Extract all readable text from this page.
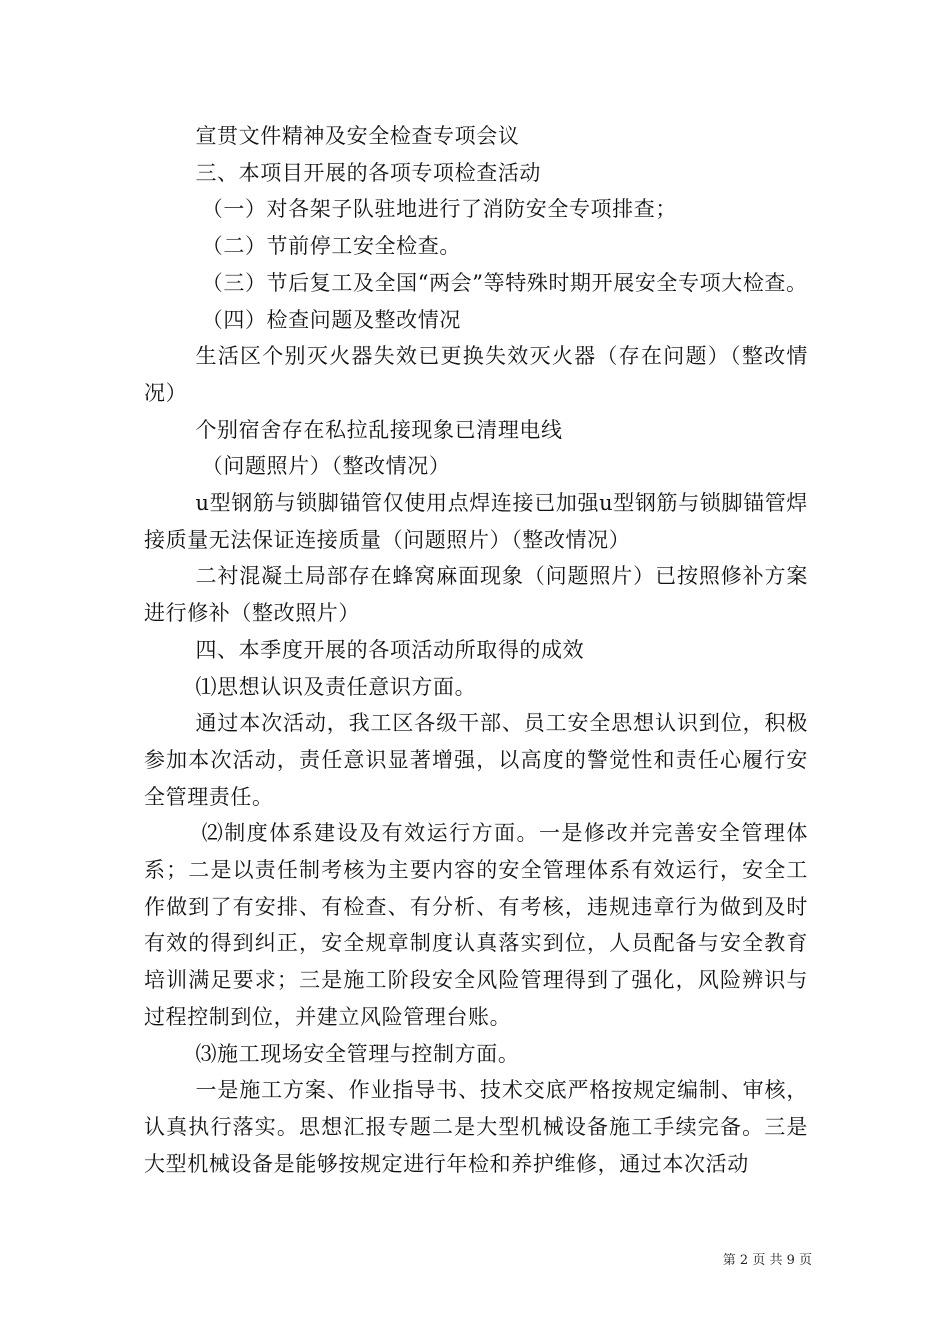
宣贯文件精神及安全检查专项会议

三、本项目开展的各项专项检查活动

（一）对各架子队驻地进行了消防安全专项排查；

（二）节前停工安全检查。

（三）节后复工及全国“两会”等特殊时期开展安全专项大检查。

（四）检查问题及整改情况

生活区个别灭火器失效已更换失效灭火器（存在问题）（整改情况）

个别宿舍存在私拉乱接现象已清理电线

（问题照片）（整改情况）

u型钢筋与锁脚锚管仅使用点焊连接已加强u型钢筋与锁脚锚管焊接质量无法保证连接质量（问题照片）（整改情况）

二衬混凝土局部存在蜂窝麻面现象（问题照片）已按照修补方案进行修补（整改照片）

四、本季度开展的各项活动所取得的成效

⑴思想认识及责任意识方面。

通过本次活动，我工区各级干部、员工安全思想认识到位，积极参加本次活动，责任意识显著增强，以高度的警觉性和责任心履行安全管理责任。

⑵制度体系建设及有效运行方面。一是修改并完善安全管理体系；二是以责任制考核为主要内容的安全管理体系有效运行，安全工作做到了有安排、有检查、有分析、有考核，违规违章行为做到及时有效的得到纠正，安全规章制度认真落实到位，人员配备与安全教育培训满足要求；三是施工阶段安全风险管理得到了强化，风险辨识与过程控制到位，并建立风险管理台账。

⑶施工现场安全管理与控制方面。

一是施工方案、作业指导书、技术交底严格按规定编制、审核，认真执行落实。思想汇报专题二是大型机械设备施工手续完备。三是大型机械设备是能够按规定进行年检和养护维修，通过本次活动

第 2 页 共 9 页
